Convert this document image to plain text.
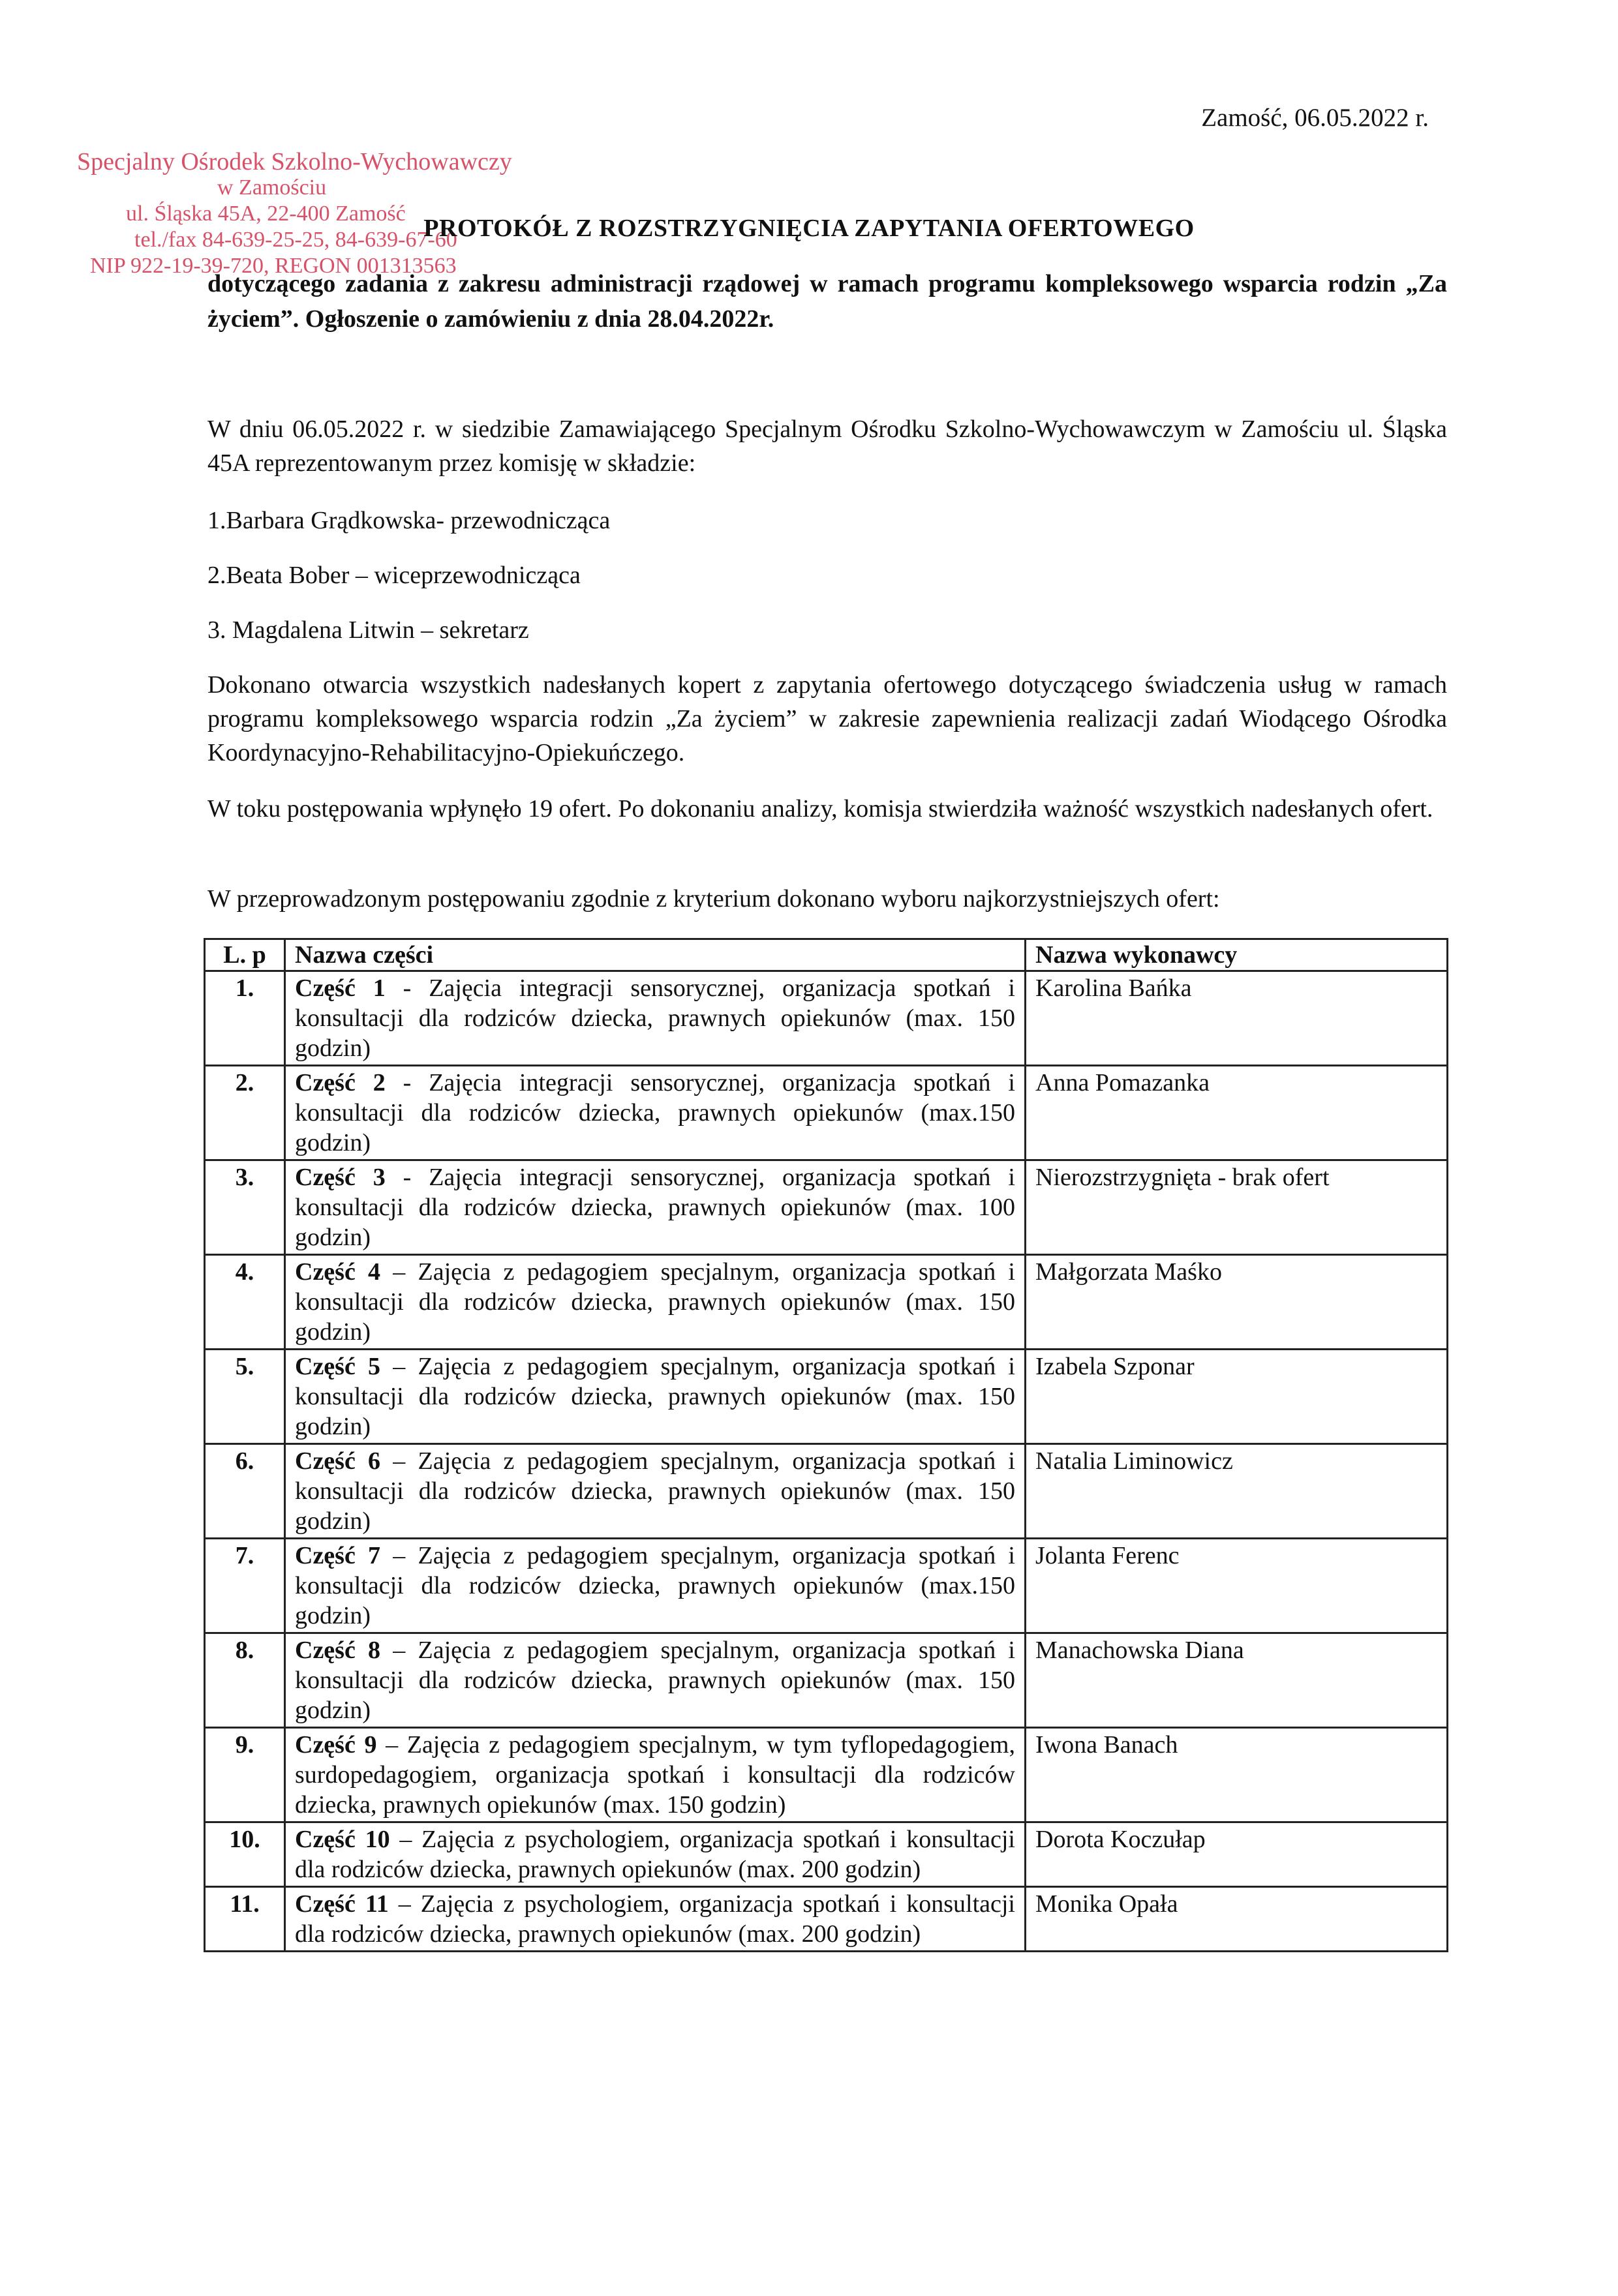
Zamość, 06.05.2022 r.
Specjalny Ośrodek Szkolno-Wychowawczy
w Zamościu
ul. Śląska 45A, 22-400 Zamość
tel./fax 84-639-25-25, 84-639-67-60
NIP 922-19-39-720, REGON 001313563
PROTOKÓŁ Z ROZSTRZYGNIĘCIA ZAPYTANIA OFERTOWEGO
dotyczącego zadania z zakresu administracji rządowej w ramach programu kompleksowego wsparcia rodzin „Za życiem”. Ogłoszenie o zamówieniu z dnia 28.04.2022r.
W dniu 06.05.2022 r. w siedzibie Zamawiającego Specjalnym Ośrodku Szkolno-Wychowawczym w Zamościu ul. Śląska 45A reprezentowanym przez komisję w składzie:
1.Barbara Grądkowska- przewodnicząca
2.Beata Bober – wiceprzewodnicząca
3. Magdalena Litwin – sekretarz
Dokonano otwarcia wszystkich nadesłanych kopert z zapytania ofertowego dotyczącego świadczenia usług w ramach programu kompleksowego wsparcia rodzin „Za życiem” w zakresie zapewnienia realizacji zadań Wiodącego Ośrodka Koordynacyjno-Rehabilitacyjno-Opiekuńczego.
W toku postępowania wpłynęło 19 ofert. Po dokonaniu analizy, komisja stwierdziła ważność wszystkich nadesłanych ofert.
W przeprowadzonym postępowaniu zgodnie z kryterium dokonano wyboru najkorzystniejszych ofert:
L. p	Nazwa części	Nazwa wykonawcy
1.	Część 1 - Zajęcia integracji sensorycznej, organizacja spotkań i konsultacji dla rodziców dziecka, prawnych opiekunów (max. 150 godzin)	Karolina Bańka
2.	Część 2 - Zajęcia integracji sensorycznej, organizacja spotkań i konsultacji dla rodziców dziecka, prawnych opiekunów (max.150 godzin)	Anna Pomazanka
3.	Część 3 - Zajęcia integracji sensorycznej, organizacja spotkań i konsultacji dla rodziców dziecka, prawnych opiekunów (max. 100 godzin)	Nierozstrzygnięta - brak ofert
4.	Część 4 – Zajęcia z pedagogiem specjalnym, organizacja spotkań i konsultacji dla rodziców dziecka, prawnych opiekunów (max. 150 godzin)	Małgorzata Maśko
5.	Część 5 – Zajęcia z pedagogiem specjalnym, organizacja spotkań i konsultacji dla rodziców dziecka, prawnych opiekunów (max. 150 godzin)	Izabela Szponar
6.	Część 6 – Zajęcia z pedagogiem specjalnym, organizacja spotkań i konsultacji dla rodziców dziecka, prawnych opiekunów (max. 150 godzin)	Natalia Liminowicz
7.	Część 7 – Zajęcia z pedagogiem specjalnym, organizacja spotkań i konsultacji dla rodziców dziecka, prawnych opiekunów (max.150 godzin)	Jolanta Ferenc
8.	Część 8 – Zajęcia z pedagogiem specjalnym, organizacja spotkań i konsultacji dla rodziców dziecka, prawnych opiekunów (max. 150 godzin)	Manachowska Diana
9.	Część 9 – Zajęcia z pedagogiem specjalnym, w tym tyflopedagogiem, surdopedagogiem, organizacja spotkań i konsultacji dla rodziców dziecka, prawnych opiekunów (max. 150 godzin)	Iwona Banach
10.	Część 10 – Zajęcia z psychologiem, organizacja spotkań i konsultacji dla rodziców dziecka, prawnych opiekunów (max. 200 godzin)	Dorota Koczułap
11.	Część 11 – Zajęcia z psychologiem, organizacja spotkań i konsultacji dla rodziców dziecka, prawnych opiekunów (max. 200 godzin)	Monika Opała
